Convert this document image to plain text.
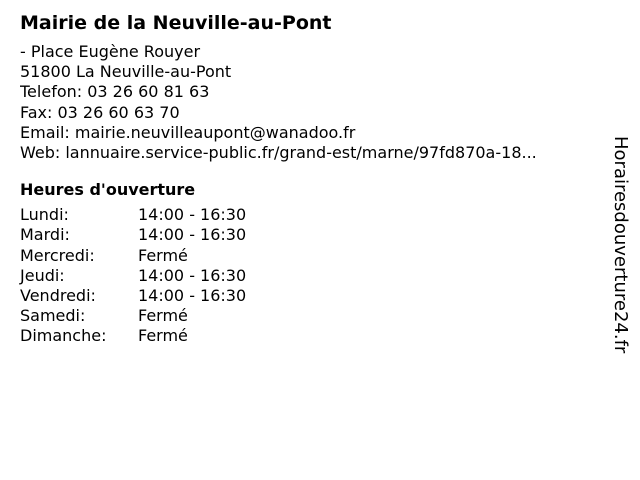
Mairie de la Neuville-au-Pont
- Place Eugène Rouyer
51800 La Neuville-au-Pont
Telefon: 03 26 60 81 63
Fax: 03 26 60 63 70
Email: mairie.neuvilleaupont@wanadoo.fr
Web: lannuaire.service-public.fr/grand-est/marne/97fd870a-18...
Heures d'ouverture
Lundi:	14:00 - 16:30
Mardi:	14:00 - 16:30
Mercredi:	Fermé
Jeudi:	14:00 - 16:30
Vendredi:	14:00 - 16:30
Samedi:	Fermé
Dimanche:	Fermé	Horairesdouverture24.fr
